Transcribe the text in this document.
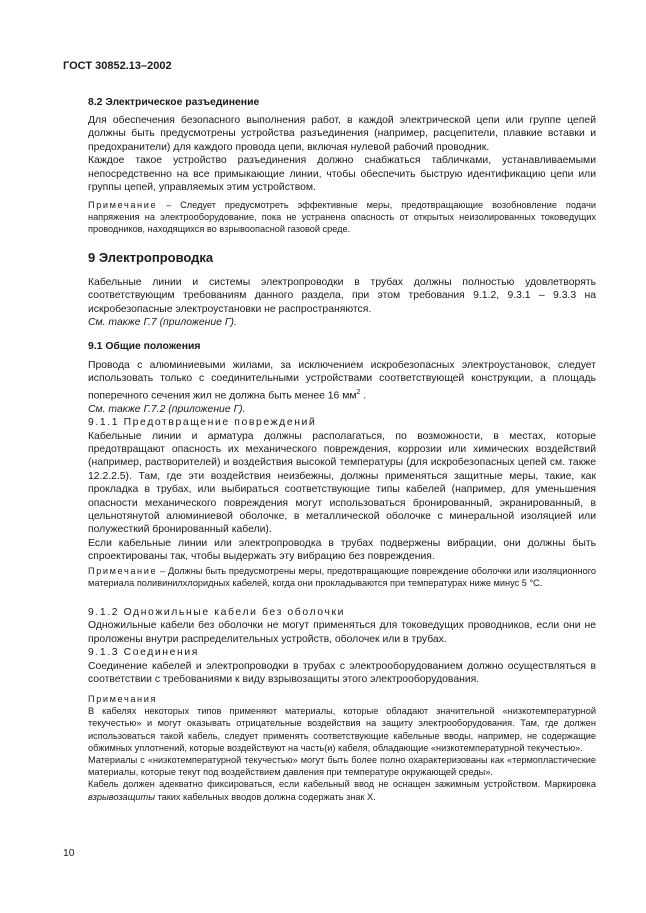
ГОСТ 30852.13–2002

8.2 Электрическое разъединение

Для обеспечения безопасного выполнения работ, в каждой электрической цепи или группе цепей должны быть предусмотрены устройства разъединения (например, расцепители, плавкие вставки и предохранители) для каждого провода цепи, включая нулевой рабочий проводник.

Каждое такое устройство разъединения должно снабжаться табличками, устанавливаемыми непосредственно на все примыкающие линии, чтобы обеспечить быструю идентификацию цепи или группы цепей, управляемых этим устройством.

Примечание – Следует предусмотреть эффективные меры, предотвращающие возобновление подачи напряжения на электрооборудование, пока не устранена опасность от открытых неизолированных токоведущих проводников, находящихся во взрывоопасной газовой среде.

9 Электропроводка

Кабельные линии и системы электропроводки в трубах должны полностью удовлетворять соответствующим требованиям данного раздела, при этом требования 9.1.2, 9.3.1 – 9.3.3 на искробезопасные электроустановки не распространяются.

См. также Г.7 (приложение Г).

9.1 Общие положения

Провода с алюминиевыми жилами, за исключением искробезопасных электроустановок, следует использовать только с соединительными устройствами соответствующей конструкции, а площадь поперечного сечения жил не должна быть менее 16 $мм^2$ .

См. также Г.7.2 (приложение Г).

9.1.1 Предотвращение повреждений

Кабельные линии и арматура должны располагаться, по возможности, в местах, которые предотвращают опасность их механического повреждения, коррозии или химических воздействий (например, растворителей) и воздействия высокой температуры (для искробезопасных цепей см. также 12.2.2.5). Там, где эти воздействия неизбежны, должны применяться защитные меры, такие, как прокладка в трубах, или выбираться соответствующие типы кабелей (например, для уменьшения опасности механического повреждения могут использоваться бронированный, экранированный, в цельнотянутой алюминиевой оболочке, в металлической оболочке с минеральной изоляцией или полужесткий бронированный кабели).

Если кабельные линии или электропроводка в трубах подвержены вибрации, они должны быть спроектированы так, чтобы выдержать эту вибрацию без повреждения.

Примечание – Должны быть предусмотрены меры, предотвращающие повреждение оболочки или изоляционного материала поливинилхлоридных кабелей, когда они прокладываются при температурах ниже минус 5 °С.

9.1.2 Одножильные кабели без оболочки

Одножильные кабели без оболочки не могут применяться для токоведущих проводников, если они не проложены внутри распределительных устройств, оболочек или в трубах.

9.1.3 Соединения

Соединение кабелей и электропроводки в трубах с электрооборудованием должно осуществляться в соответствии с требованиями к виду взрывозащиты этого электрооборудования.

Примечания

В кабелях некоторых типов применяют материалы, которые обладают значительной «низкотемпературной текучестью» и могут оказывать отрицательные воздействия на защиту электрооборудования. Там, где должен использоваться такой кабель, следует применять соответствующие кабельные вводы, например, не содержащие обжимных уплотнений, которые воздействуют на часть(и) кабеля, обладающие «низкотемпературной текучестью».

Материалы с «низкотемпературной текучестью» могут быть более полно охарактеризованы как «термопластические материалы, которые текут под воздействием давления при температуре окружающей среды».

Кабель должен адекватно фиксироваться, если кабельный ввод не оснащен зажимным устройством. Маркировка взрывозащиты таких кабельных вводов должна содержать знак Х.

10
